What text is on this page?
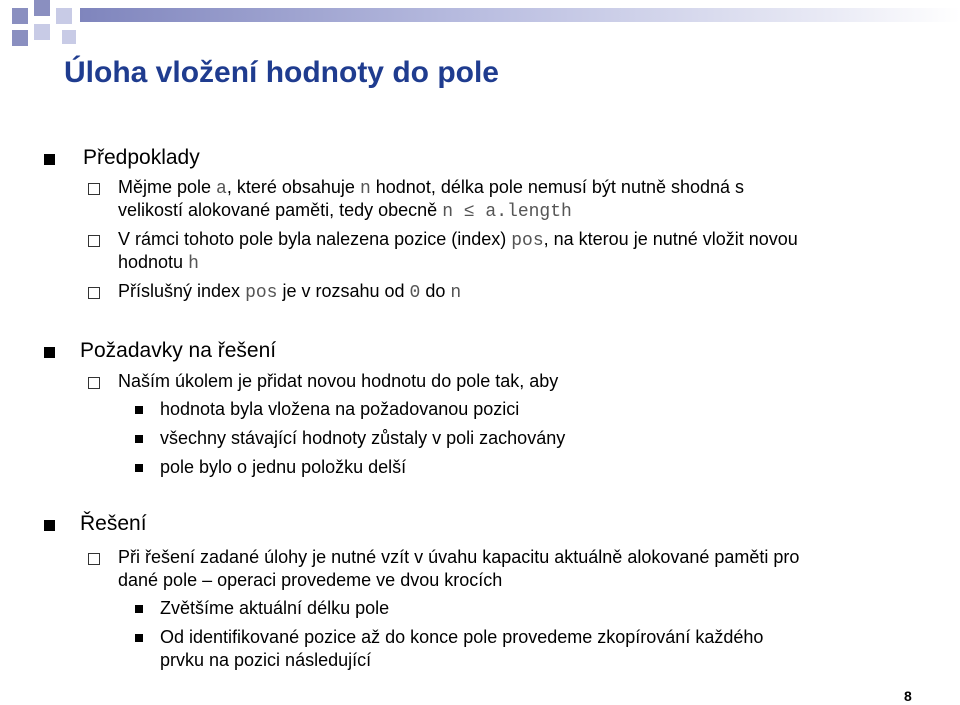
Úloha vložení hodnoty do pole
Předpoklady
Mějme pole a, které obsahuje n hodnot, délka pole nemusí být nutně shodná s
velikostí alokované paměti, tedy obecně n ≤ a.length
V rámci tohoto pole byla nalezena pozice (index) pos, na kterou je nutné vložit novou
hodnotu h
Příslušný index pos je v rozsahu od 0 do n
Požadavky na řešení
Naším úkolem je přidat novou hodnotu do pole tak, aby
hodnota byla vložena na požadovanou pozici
všechny stávající hodnoty zůstaly v poli zachovány
pole bylo o jednu položku delší
Řešení
Při řešení zadané úlohy je nutné vzít v úvahu kapacitu aktuálně alokované paměti pro
dané pole – operaci provedeme ve dvou krocích
Zvětšíme aktuální délku pole
Od identifikované pozice až do konce pole provedeme zkopírování každého
prvku na pozici následující
8
